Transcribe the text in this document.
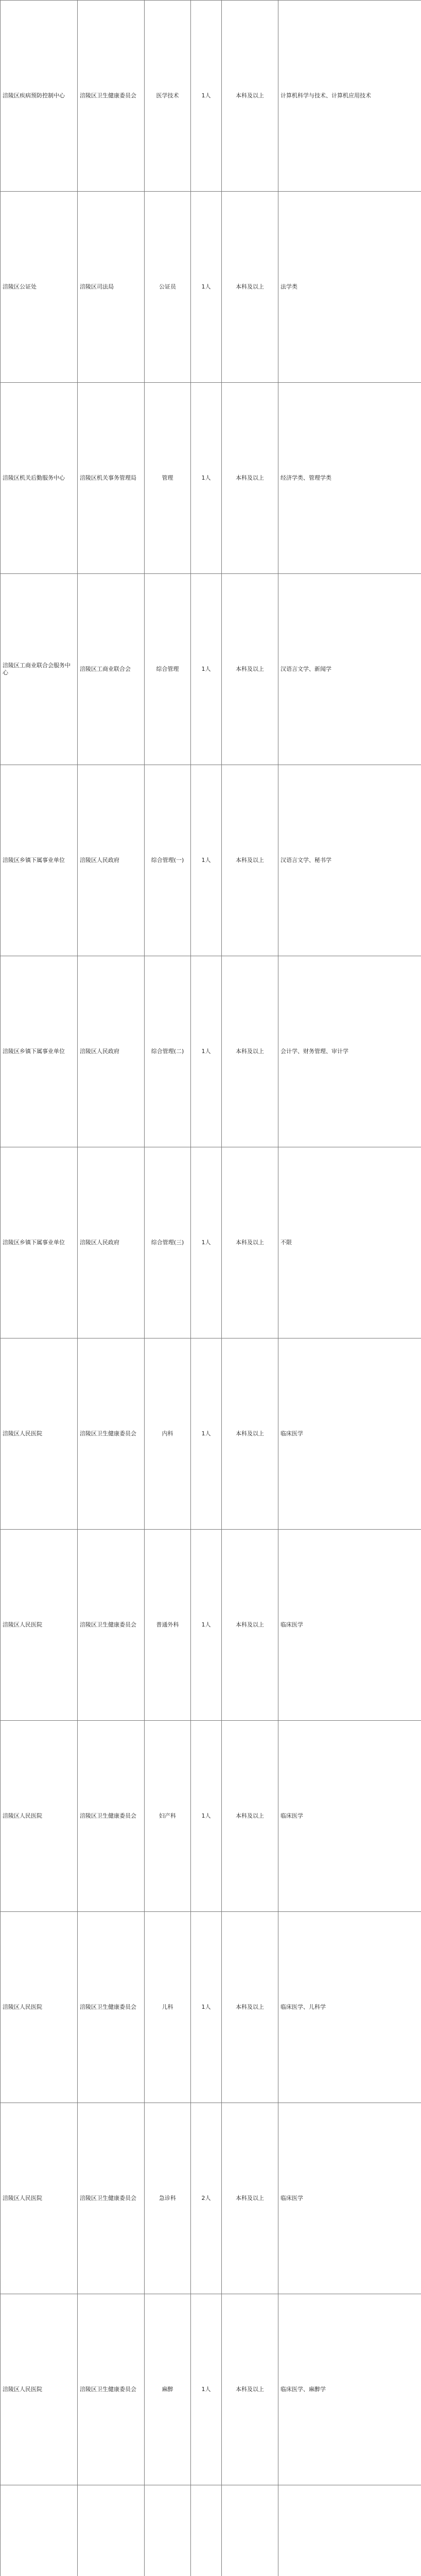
涪陵区疾病预防控制中心	涪陵区卫生健康委员会	医学技术	1人	本科及以上	计算机科学与技术、计算机应用技术
涪陵区公证处	涪陵区司法局	公证员	1人	本科及以上	法学类
涪陵区机关后勤服务中心	涪陵区机关事务管理局	管理	1人	本科及以上	经济学类、管理学类
涪陵区工商业联合会服务中心	涪陵区工商业联合会	综合管理	1人	本科及以上	汉语言文学、新闻学
涪陵区乡镇下属事业单位	涪陵区人民政府	综合管理(一)	1人	本科及以上	汉语言文学、秘书学
涪陵区乡镇下属事业单位	涪陵区人民政府	综合管理(二)	1人	本科及以上	会计学、财务管理、审计学
涪陵区乡镇下属事业单位	涪陵区人民政府	综合管理(三)	1人	本科及以上	不限
涪陵区人民医院	涪陵区卫生健康委员会	内科	1人	本科及以上	临床医学
涪陵区人民医院	涪陵区卫生健康委员会	普通外科	1人	本科及以上	临床医学
涪陵区人民医院	涪陵区卫生健康委员会	妇产科	1人	本科及以上	临床医学
涪陵区人民医院	涪陵区卫生健康委员会	儿科	1人	本科及以上	临床医学、儿科学
涪陵区人民医院	涪陵区卫生健康委员会	急诊科	2人	本科及以上	临床医学
涪陵区人民医院	涪陵区卫生健康委员会	麻醉	1人	本科及以上	临床医学、麻醉学
